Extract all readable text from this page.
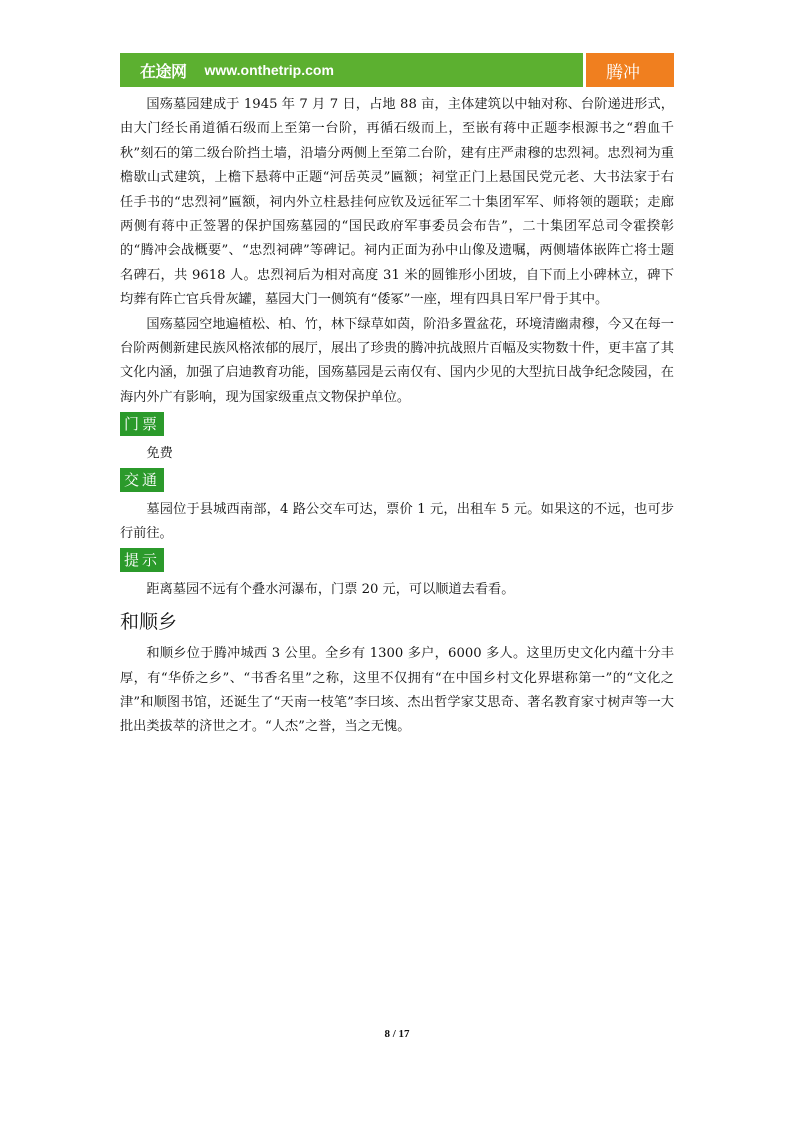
在途网 www.onthetrip.com	腾冲

国殇墓园建成于 1945 年 7 月 7 日，占地 88 亩，主体建筑以中轴对称、台阶递进形式，由大门经长甬道循石级而上至第一台阶，再循石级而上，至嵌有蒋中正题李根源书之“碧血千秋”刻石的第二级台阶挡土墙，沿墙分两侧上至第二台阶，建有庄严肃穆的忠烈祠。忠烈祠为重檐歇山式建筑，上檐下悬蒋中正题“河岳英灵”匾额；祠堂正门上悬国民党元老、大书法家于右任手书的“忠烈祠”匾额，祠内外立柱悬挂何应钦及远征军二十集团军军、师将领的题联；走廊两侧有蒋中正签署的保护国殇墓园的“国民政府军事委员会布告”，二十集团军总司令霍揆彰的“腾冲会战概要”、“忠烈祠碑”等碑记。祠内正面为孙中山像及遗嘱，两侧墙体嵌阵亡将士题名碑石，共 9618 人。忠烈祠后为相对高度 31 米的圆锥形小团坡，自下而上小碑林立，碑下均葬有阵亡官兵骨灰罐，墓园大门一侧筑有“倭冢”一座，埋有四具日军尸骨于其中。

国殇墓园空地遍植松、柏、竹，林下绿草如茵，阶沿多置盆花，环境清幽肃穆，今又在每一台阶两侧新建民族风格浓郁的展厅，展出了珍贵的腾冲抗战照片百幅及实物数十件，更丰富了其文化内涵，加强了启迪教育功能，国殇墓园是云南仅有、国内少见的大型抗日战争纪念陵园，在海内外广有影响，现为国家级重点文物保护单位。

门票

免费

交通

墓园位于县城西南部，4 路公交车可达，票价 1 元，出租车 5 元。如果这的不远，也可步行前往。

提示

距离墓园不远有个叠水河瀑布，门票 20 元，可以顺道去看看。

和顺乡

和顺乡位于腾冲城西 3 公里。全乡有 1300 多户，6000 多人。这里历史文化内蕴十分丰厚，有“华侨之乡”、“书香名里”之称，这里不仅拥有“在中国乡村文化界堪称第一”的“文化之津”和顺图书馆，还诞生了“天南一枝笔”李曰垓、杰出哲学家艾思奇、著名教育家寸树声等一大批出类拔萃的济世之才。“人杰”之誉，当之无愧。

8 / 17
